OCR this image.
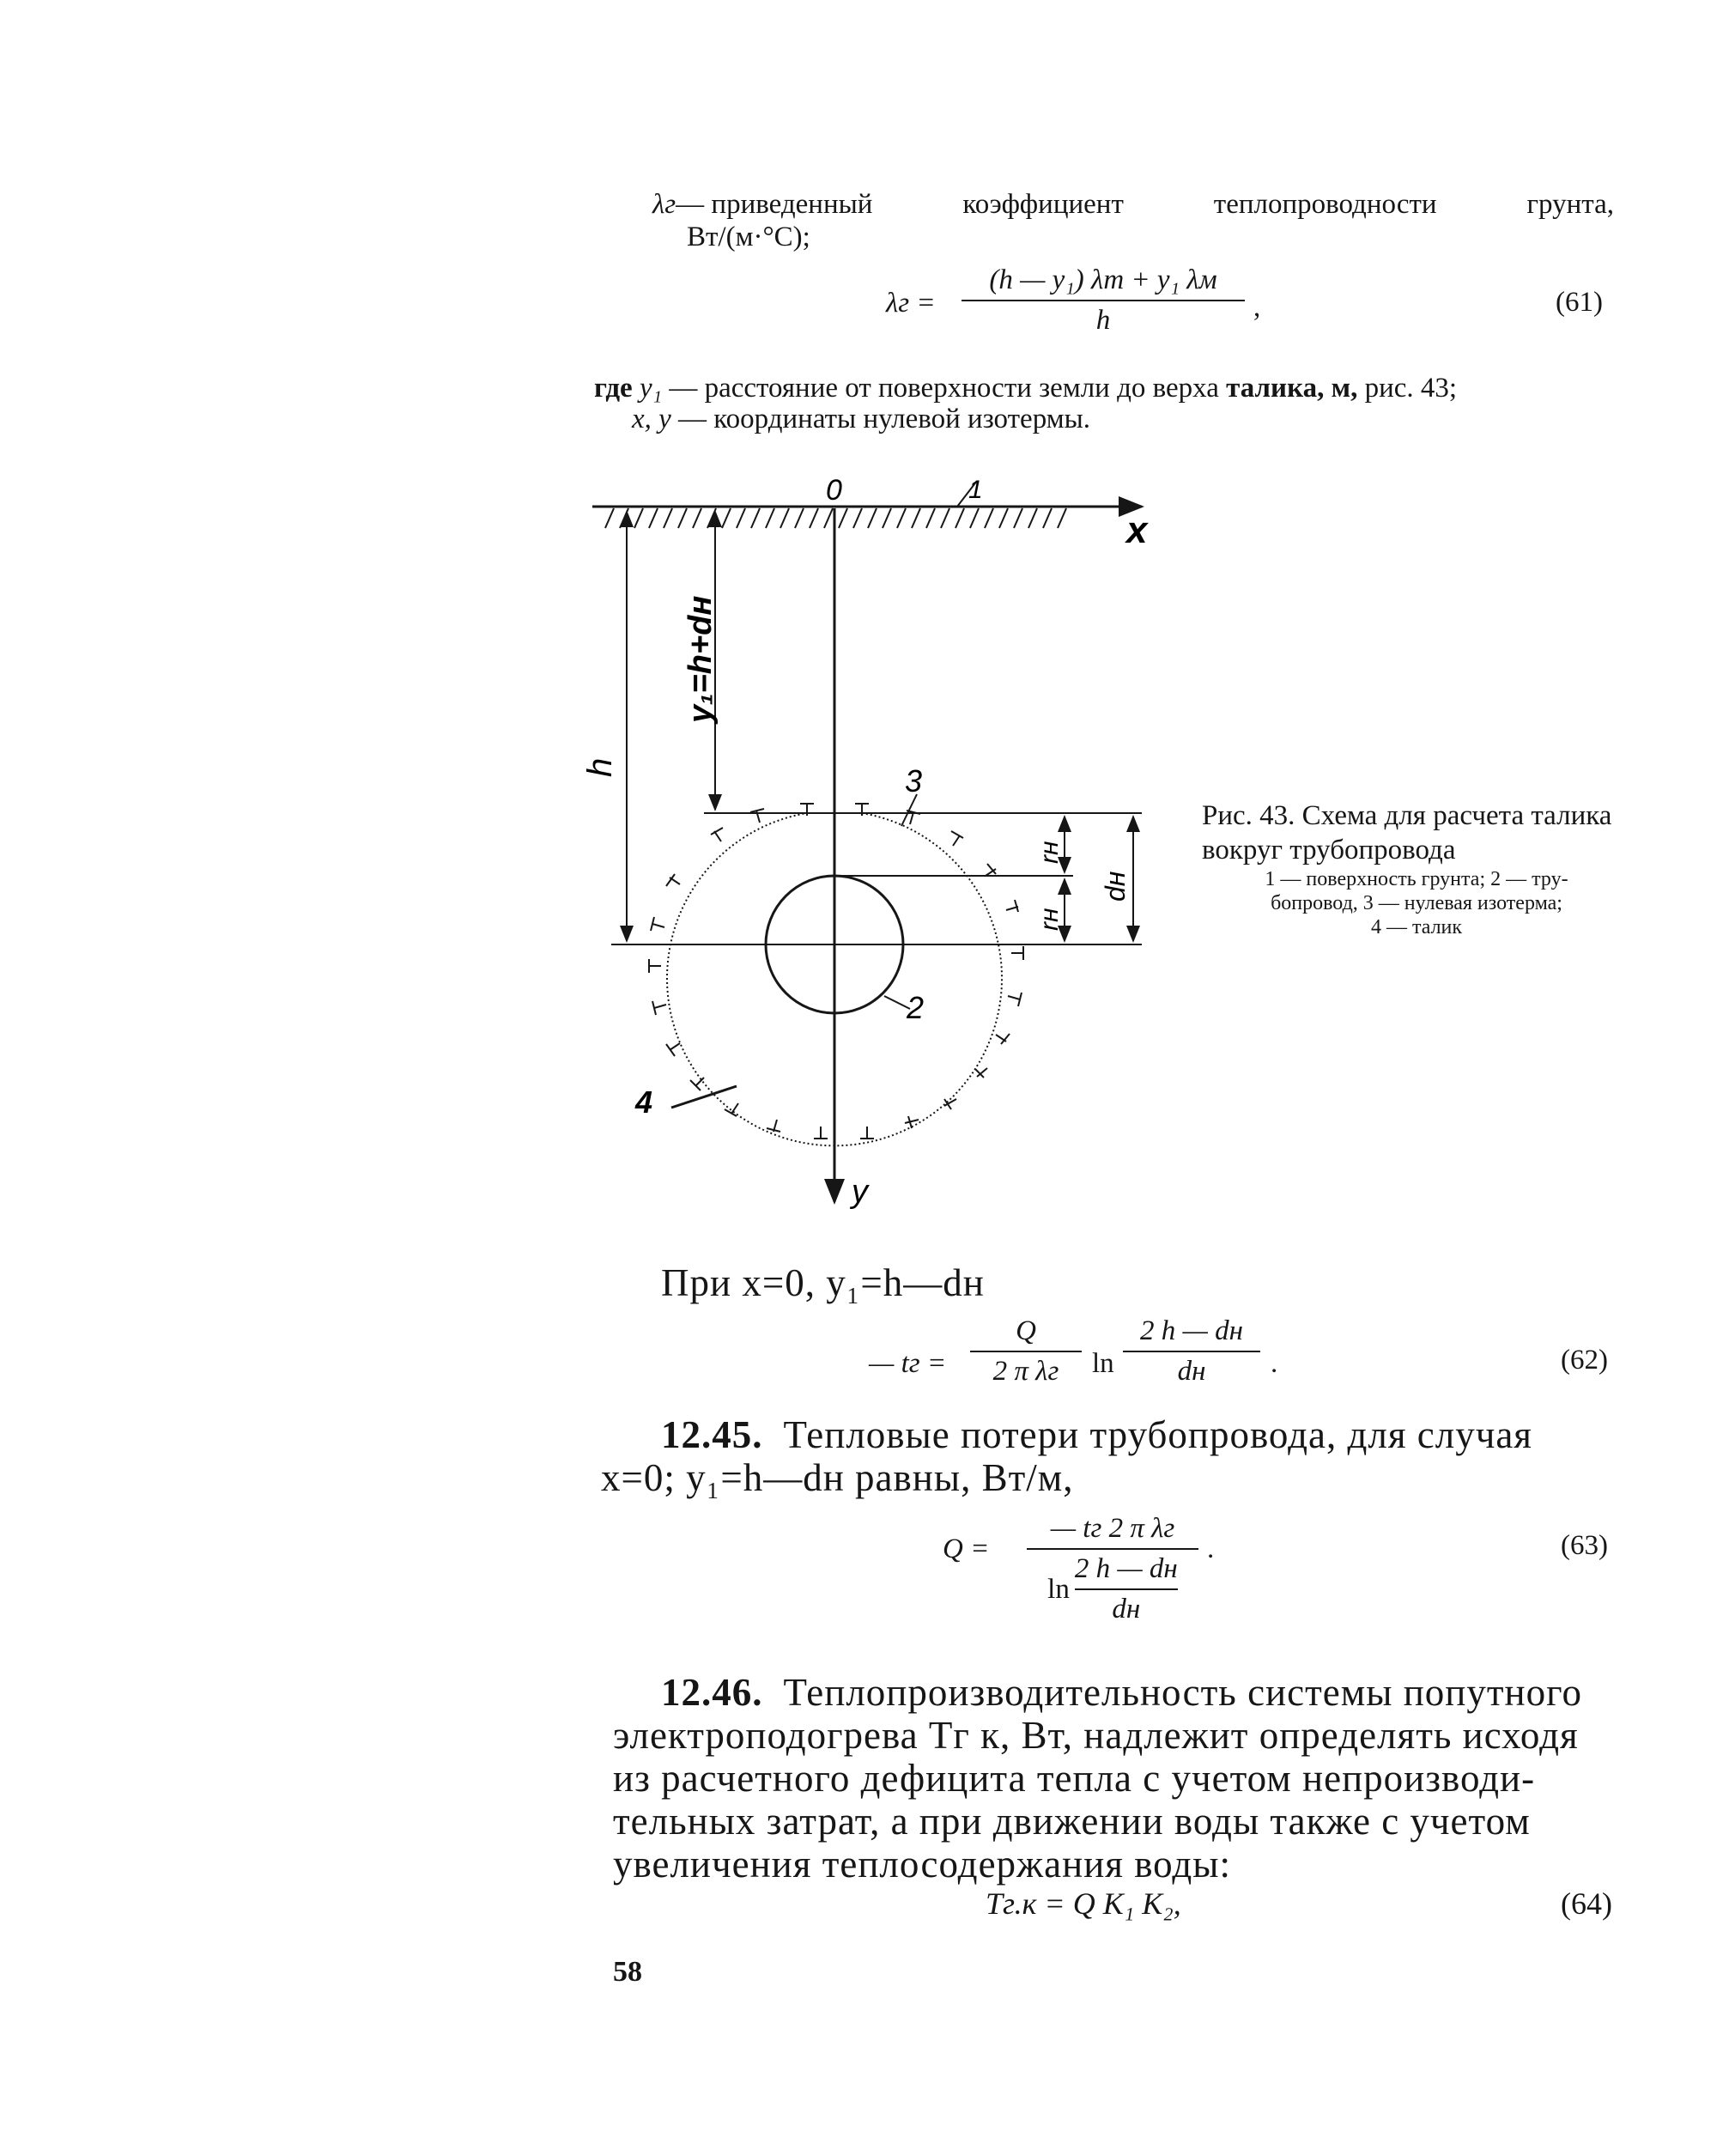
λг— приведенный	коэффициент	теплопроводности	грунта,
Вт/(м·°С);
λг =
(h — y₁) λт + y₁ λм
h	,	(61)
где y₁ — расстояние от поверхности земли до верха талика, м, рис. 43;
x, y — координаты нулевой изотермы.
0	1
x
y
h
y₁=h+dн
3
2
4
rн
rн
dн
Рис. 43. Схема для расчета талика вокруг трубопровода
1 — поверхность грунта; 2 — тру-
бопровод, 3 — нулевая изотерма;
4 — талик
При x=0, y₁=h—dн
— tг =
Q
2 π λг	ln
2 h — dн
dн	.	(62)
12.45. Тепловые потери трубопровода, для случая
x=0; y₁=h—dн равны, Вт/м,
Q =
— tг 2 π λг
$\ln \frac{2 h — dн}{dн}$
.	(63)
12.46. Теплопроизводительность системы попутного
электроподогрева Tг к, Вт, надлежит определять исходя
из расчетного дефицита тепла с учетом непроизводи-
тельных затрат, а при движении воды также с учетом
увеличения теплосодержания воды:
Tг.к = Q K₁ K₂,	(64)
58
